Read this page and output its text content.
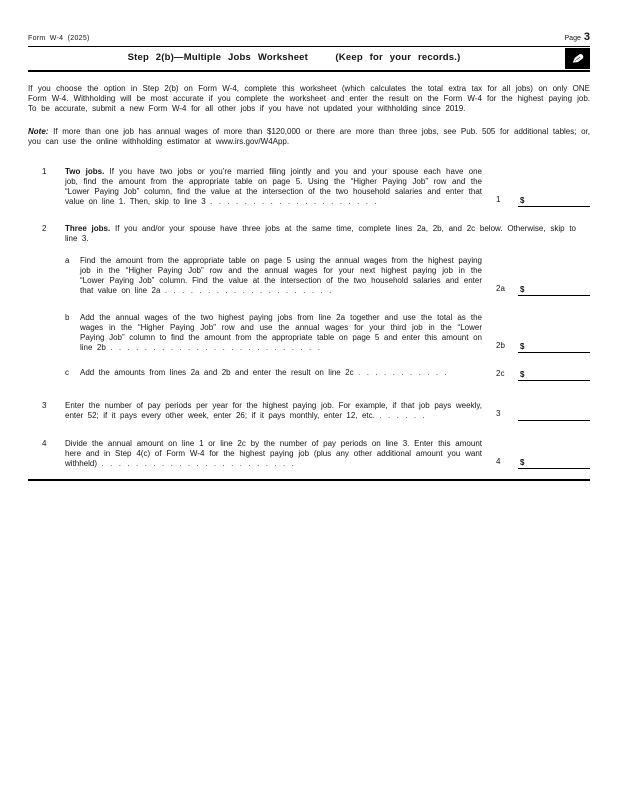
Form W-4 (2025)	Page 3
Step 2(b)—Multiple Jobs Worksheet	(Keep for your records.)	✎

If you choose the option in Step 2(b) on Form W-4, complete this worksheet (which calculates the total extra tax for all jobs) on only ONE Form W-4. Withholding will be most accurate if you complete the worksheet and enter the result on the Form W-4 for the highest paying job. To be accurate, submit a new Form W-4 for all other jobs if you have not updated your withholding since 2019.

Note: If more than one job has annual wages of more than $120,000 or there are more than three jobs, see Pub. 505 for additional tables; or, you can use the online withholding estimator at www.irs.gov/W4App.

1	Two jobs. If you have two jobs or you’re married filing jointly and you and your spouse each have one job, find the amount from the appropriate table on page 5. Using the “Higher Paying Job” row and the “Lower Paying Job” column, find the value at the intersection of the two household salaries and enter that value on line 1. Then, skip to line 3 . . . . . . . . . . . . . . . . . . . .	1	$
2	Three jobs. If you and/or your spouse have three jobs at the same time, complete lines 2a, 2b, and 2c below. Otherwise, skip to line 3.
a	Find the amount from the appropriate table on page 5 using the annual wages from the highest paying job in the “Higher Paying Job” row and the annual wages for your next highest paying job in the “Lower Paying Job” column. Find the value at the intersection of the two household salaries and enter that value on line 2a . . . . . . . . . . . . . . . . . . . .	2a	$
b	Add the annual wages of the two highest paying jobs from line 2a together and use the total as the wages in the “Higher Paying Job” row and use the annual wages for your third job in the “Lower Paying Job” column to find the amount from the appropriate table on page 5 and enter this amount on line 2b . . . . . . . . . . . . . . . . . . . . . . . . .	2b	$
c	Add the amounts from lines 2a and 2b and enter the result on line 2c . . . . . . . . . . .	2c	$
3	Enter the number of pay periods per year for the highest paying job. For example, if that job pays weekly, enter 52; if it pays every other week, enter 26; if it pays monthly, enter 12, etc. . . . . . .	3
4	Divide the annual amount on line 1 or line 2c by the number of pay periods on line 3. Enter this amount here and in Step 4(c) of Form W-4 for the highest paying job (plus any other additional amount you want withheld) . . . . . . . . . . . . . . . . . . . . . . .	4	$
